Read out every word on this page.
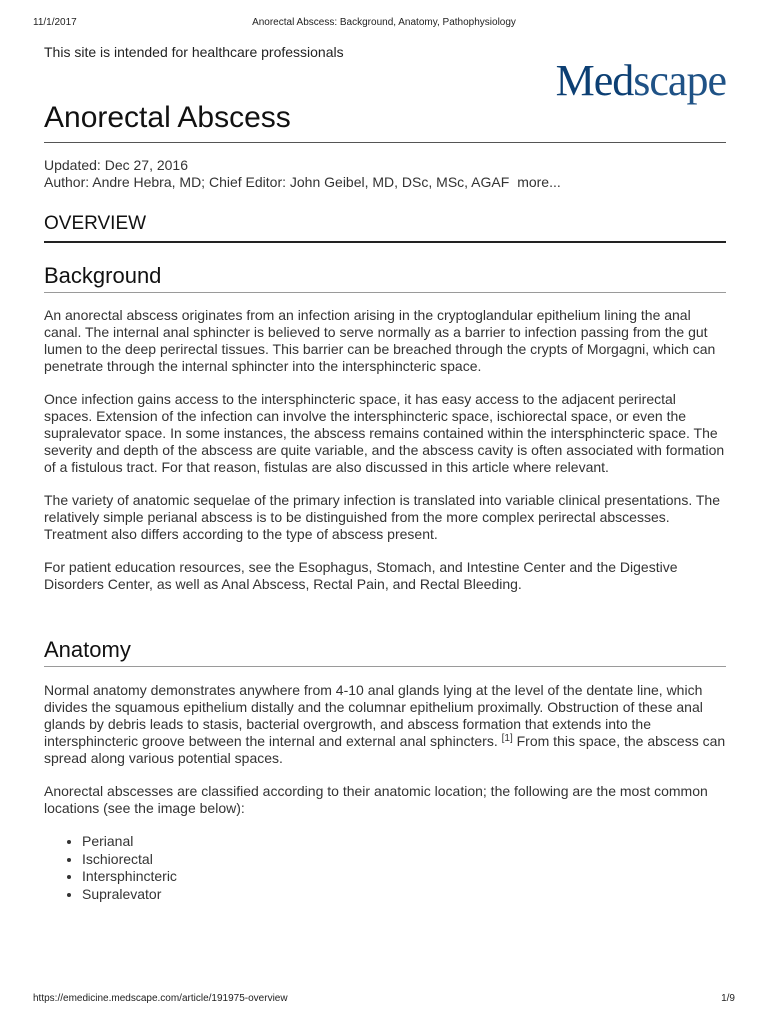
11/1/2017	Anorectal Abscess: Background, Anatomy, Pathophysiology
This site is intended for healthcare professionals
Medscape
Anorectal Abscess
Updated: Dec 27, 2016
Author: Andre Hebra, MD; Chief Editor: John Geibel, MD, DSc, MSc, AGAF more...
OVERVIEW
Background

An anorectal abscess originates from an infection arising in the cryptoglandular epithelium lining the anal canal. The internal anal sphincter is believed to serve normally as a barrier to infection passing from the gut lumen to the deep perirectal tissues. This barrier can be breached through the crypts of Morgagni, which can penetrate through the internal sphincter into the intersphincteric space.

Once infection gains access to the intersphincteric space, it has easy access to the adjacent perirectal spaces. Extension of the infection can involve the intersphincteric space, ischiorectal space, or even the supralevator space. In some instances, the abscess remains contained within the intersphincteric space. The severity and depth of the abscess are quite variable, and the abscess cavity is often associated with formation of a fistulous tract. For that reason, fistulas are also discussed in this article where relevant.

The variety of anatomic sequelae of the primary infection is translated into variable clinical presentations. The relatively simple perianal abscess is to be distinguished from the more complex perirectal abscesses. Treatment also differs according to the type of abscess present.

For patient education resources, see the Esophagus, Stomach, and Intestine Center and the Digestive Disorders Center, as well as Anal Abscess, Rectal Pain, and Rectal Bleeding.

Anatomy

Normal anatomy demonstrates anywhere from 4-10 anal glands lying at the level of the dentate line, which divides the squamous epithelium distally and the columnar epithelium proximally. Obstruction of these anal glands by debris leads to stasis, bacterial overgrowth, and abscess formation that extends into the intersphincteric groove between the internal and external anal sphincters. [1] From this space, the abscess can spread along various potential spaces.

Anorectal abscesses are classified according to their anatomic location; the following are the most common locations (see the image below):

• Perianal
• Ischiorectal
• Intersphincteric
• Supralevator
https://emedicine.medscape.com/article/191975-overview	1/9
